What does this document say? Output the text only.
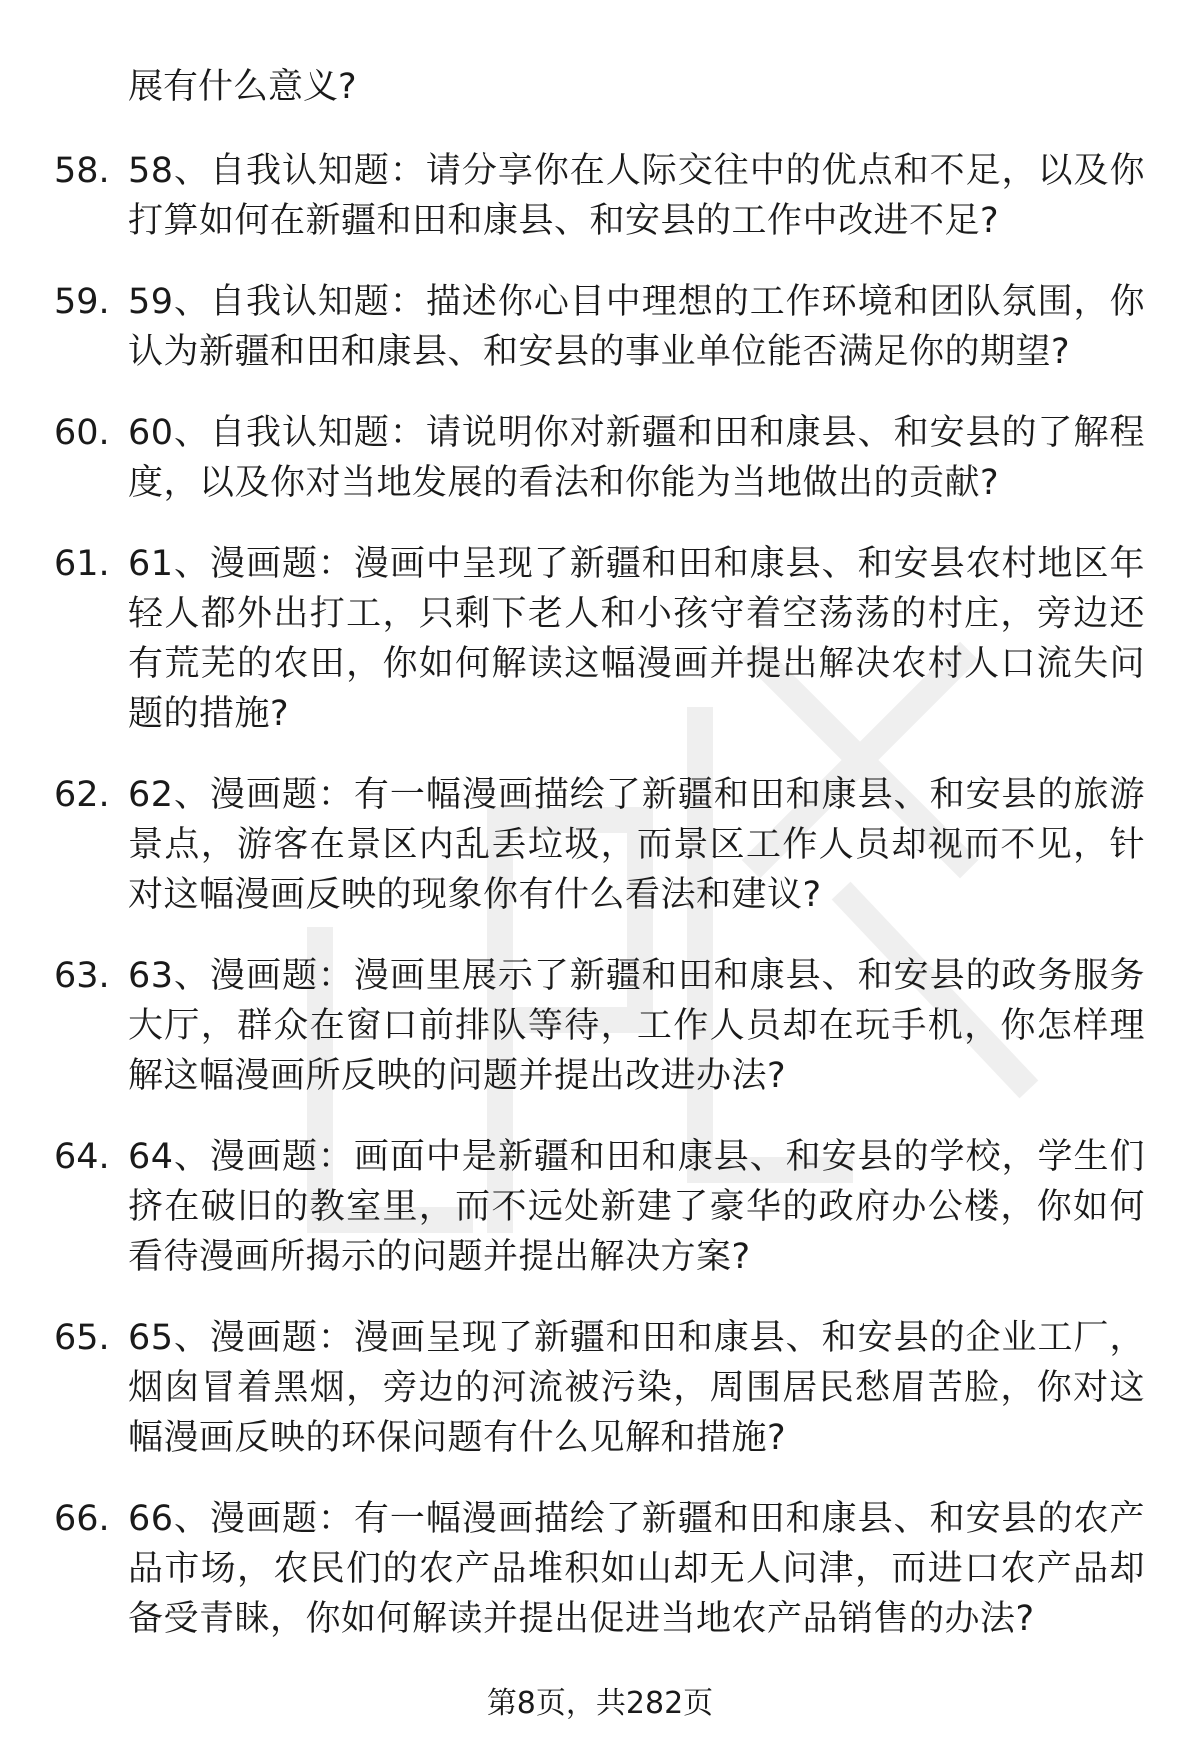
展有什么意义?
58. 58、自我认知题：请分享你在人际交往中的优点和不足，以及你打算如何在新疆和田和康县、和安县的工作中改进不足?
59. 59、自我认知题：描述你心目中理想的工作环境和团队氛围，你认为新疆和田和康县、和安县的事业单位能否满足你的期望?
60. 60、自我认知题：请说明你对新疆和田和康县、和安县的了解程度，以及你对当地发展的看法和你能为当地做出的贡献?
61. 61、漫画题：漫画中呈现了新疆和田和康县、和安县农村地区年轻人都外出打工，只剩下老人和小孩守着空荡荡的村庄，旁边还有荒芜的农田，你如何解读这幅漫画并提出解决农村人口流失问题的措施?
62. 62、漫画题：有一幅漫画描绘了新疆和田和康县、和安县的旅游景点，游客在景区内乱丢垃圾，而景区工作人员却视而不见，针对这幅漫画反映的现象你有什么看法和建议?
63. 63、漫画题：漫画里展示了新疆和田和康县、和安县的政务服务大厅，群众在窗口前排队等待，工作人员却在玩手机，你怎样理解这幅漫画所反映的问题并提出改进办法?
64. 64、漫画题：画面中是新疆和田和康县、和安县的学校，学生们挤在破旧的教室里，而不远处新建了豪华的政府办公楼，你如何看待漫画所揭示的问题并提出解决方案?
65. 65、漫画题：漫画呈现了新疆和田和康县、和安县的企业工厂，烟囱冒着黑烟，旁边的河流被污染，周围居民愁眉苦脸，你对这幅漫画反映的环保问题有什么见解和措施?
66. 66、漫画题：有一幅漫画描绘了新疆和田和康县、和安县的农产品市场，农民们的农产品堆积如山却无人问津，而进口农产品却备受青睐，你如何解读并提出促进当地农产品销售的办法?
第8页，共282页
